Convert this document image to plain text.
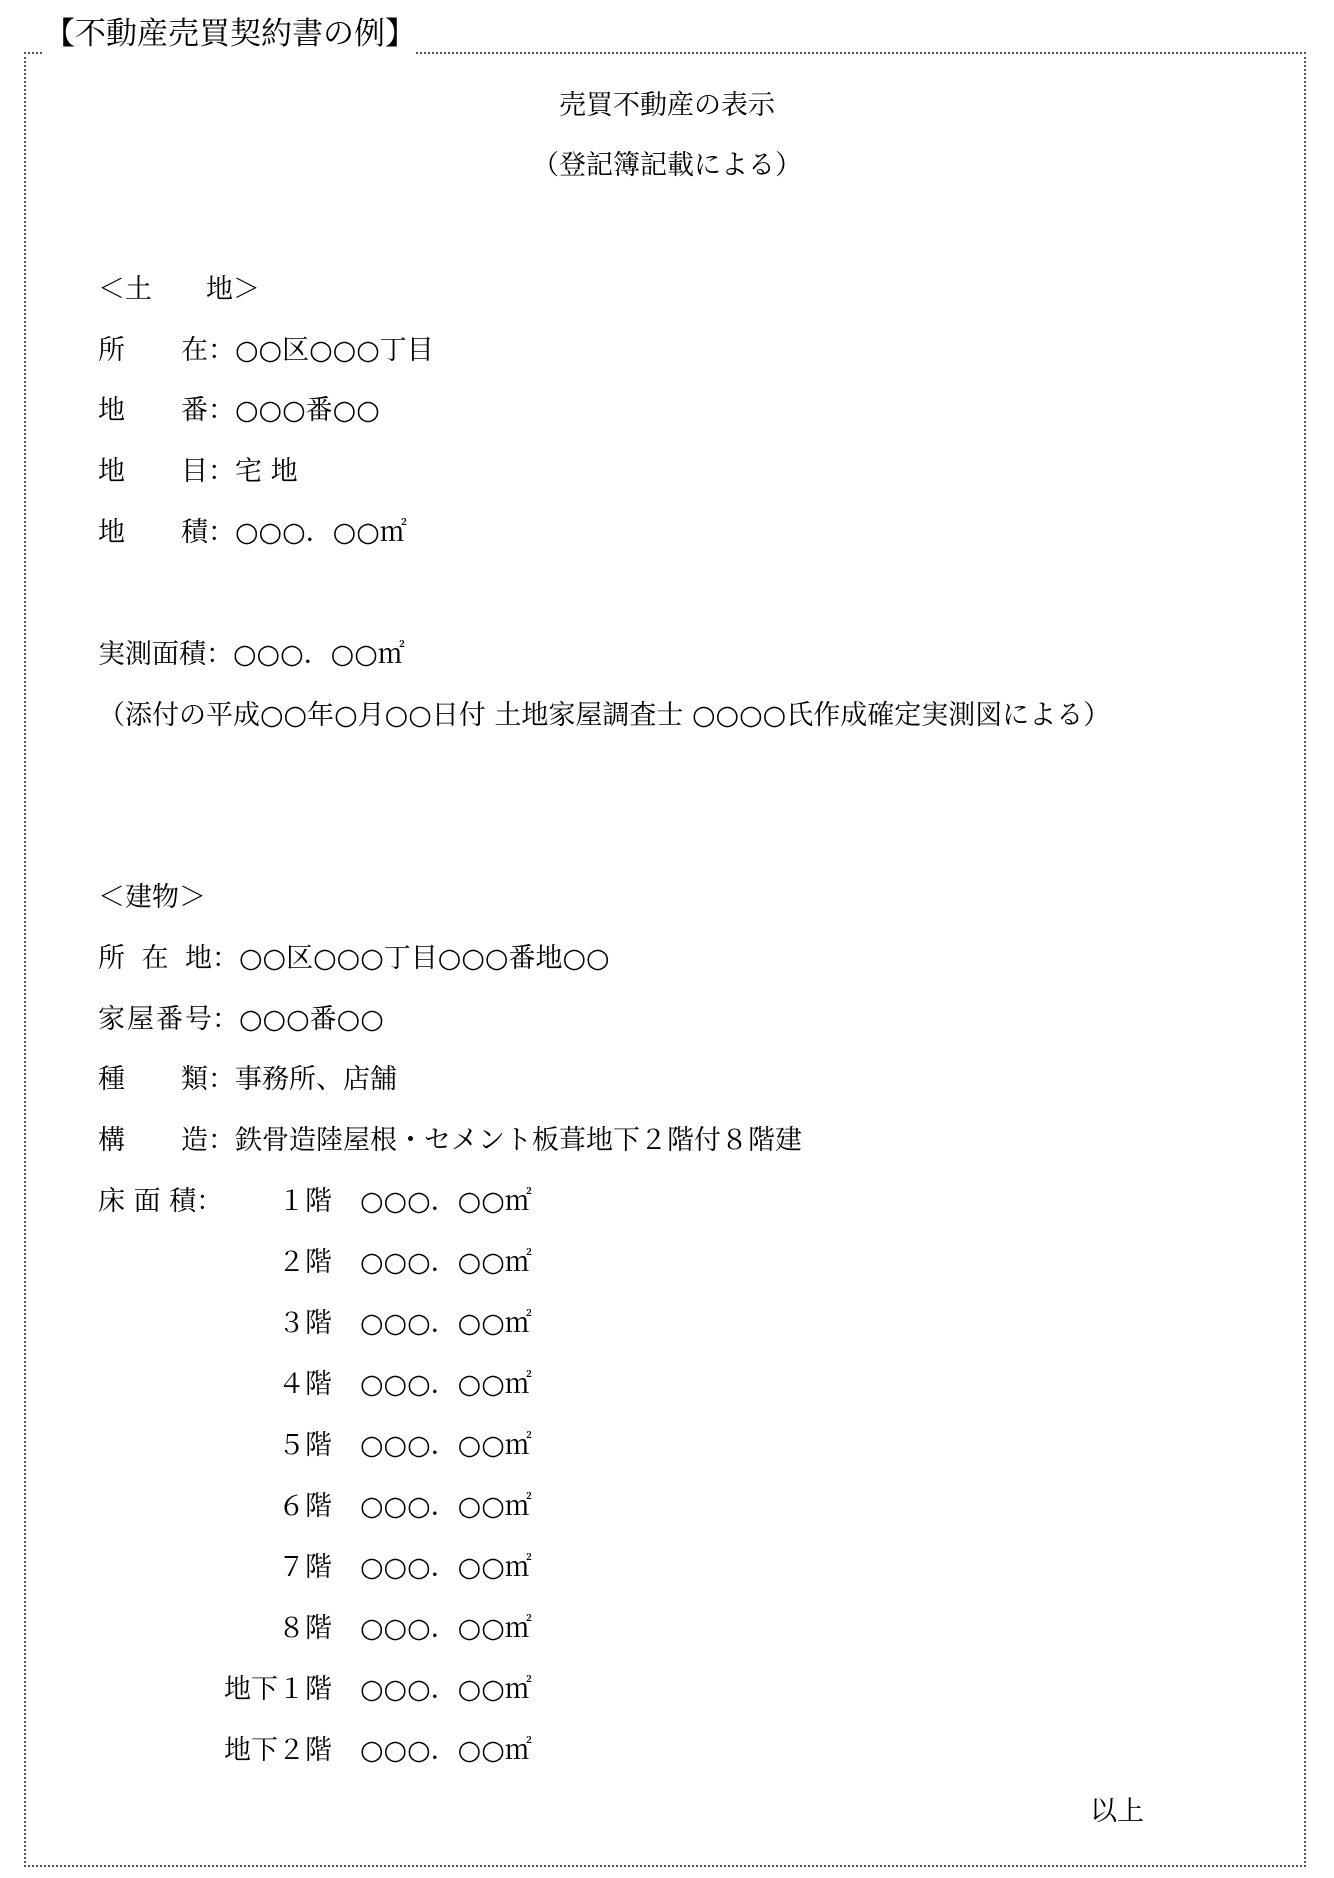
【不動産売買契約書の例】
売買不動産の表示
（登記簿記載による）
＜土　　地＞
所　在：○○区○○○丁目
地　番：○○○番○○
地　目：宅 地
地　積：○○○．○○㎡
実測面積：○○○．○○㎡
（添付の平成○○年○月○○日付 土地家屋調査士 ○○○○氏作成確定実測図による）
＜建物＞
所 在 地：○○区○○○丁目○○○番地○○
家屋番号：○○○番○○
種　類：事務所、店舗
構　造：鉄骨造陸屋根・セメント板葺地下２階付８階建
床 面 積：	１階 ○○○．○○㎡
２階 ○○○．○○㎡
３階 ○○○．○○㎡
４階 ○○○．○○㎡
５階 ○○○．○○㎡
６階 ○○○．○○㎡
７階 ○○○．○○㎡
８階 ○○○．○○㎡
地下１階 ○○○．○○㎡
地下２階 ○○○．○○㎡
以上
